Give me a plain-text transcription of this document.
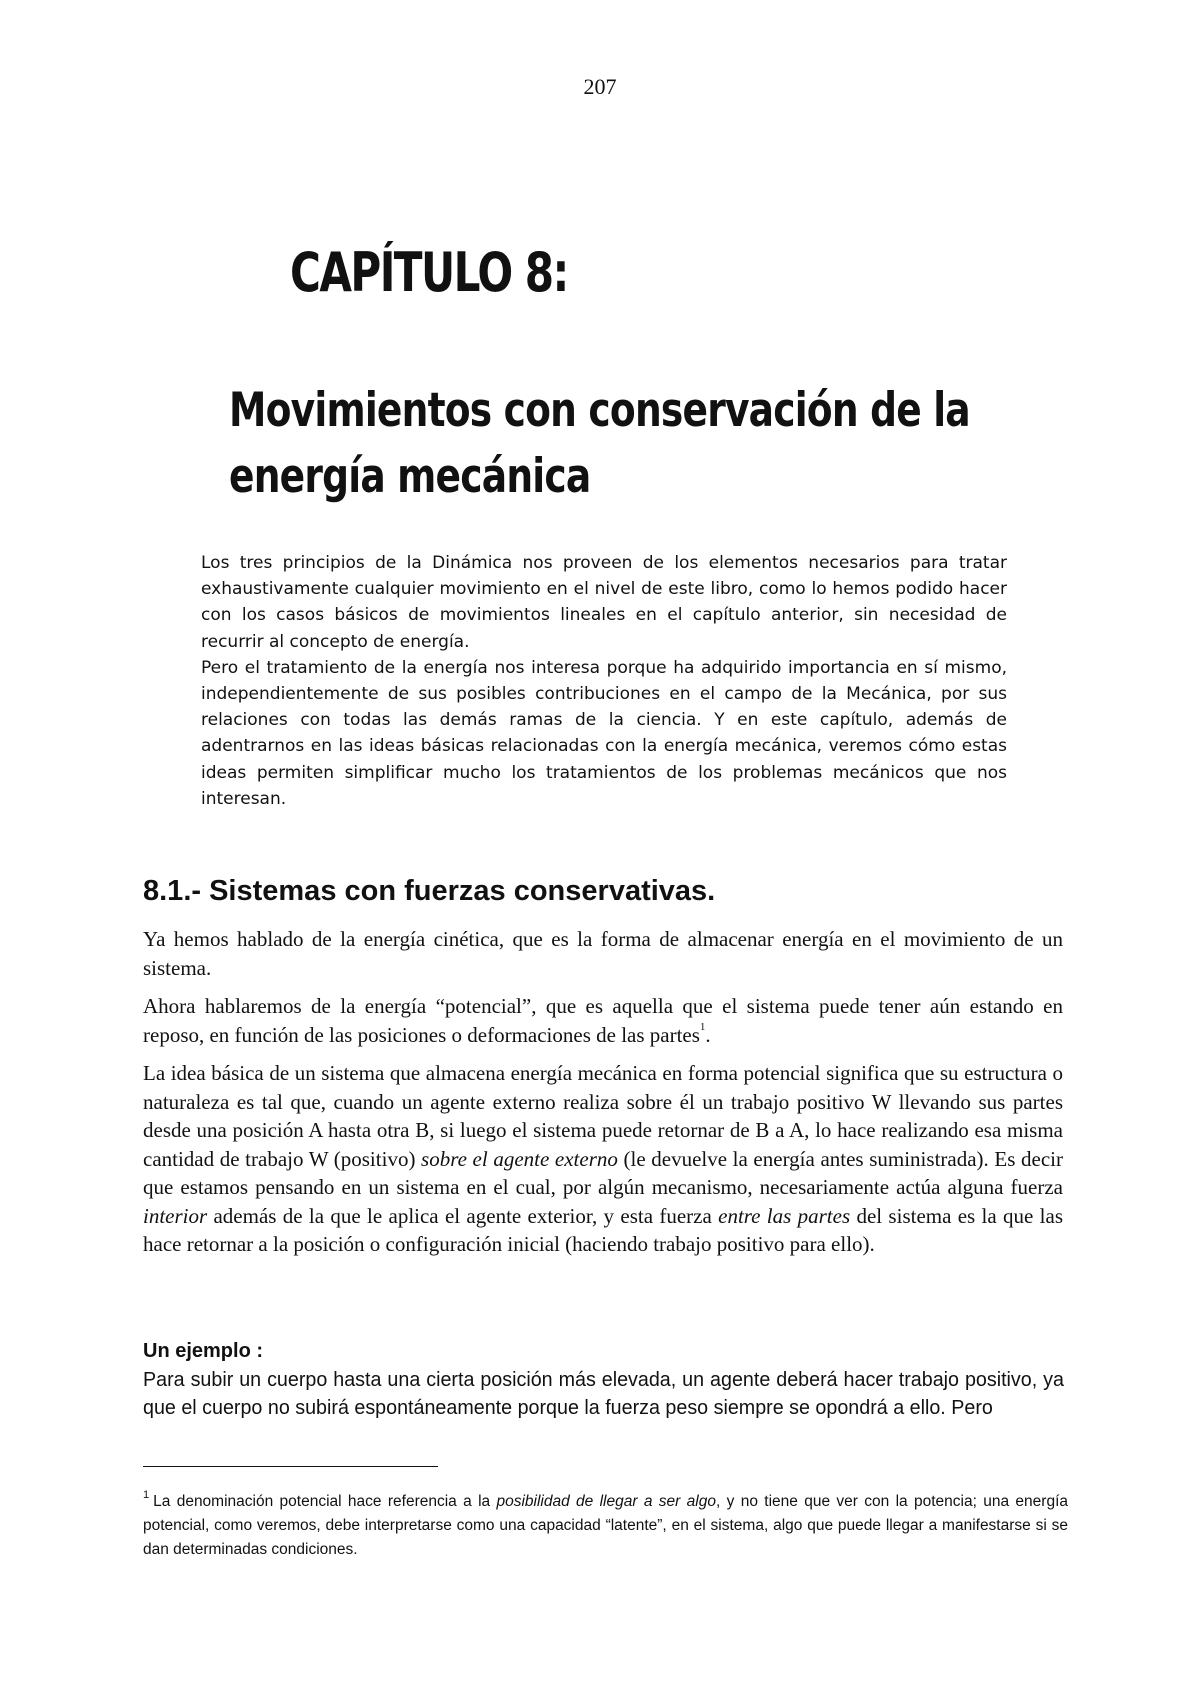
207
CAPÍTULO 8:
Movimientos con conservación de la
energía mecánica

Los tres principios de la Dinámica nos proveen de los elementos necesarios para tratar exhaustivamente cualquier movimiento en el nivel de este libro, como lo hemos podido hacer con los casos básicos de movimientos lineales en el capítulo anterior, sin necesidad de recurrir al concepto de energía.

Pero el tratamiento de la energía nos interesa porque ha adquirido importancia en sí mismo, independientemente de sus posibles contribuciones en el campo de la Mecánica, por sus relaciones con todas las demás ramas de la ciencia. Y en este capítulo, además de adentrarnos en las ideas básicas relacionadas con la energía mecánica, veremos cómo estas ideas permiten simplificar mucho los tratamientos de los problemas mecánicos que nos interesan.

8.1.- Sistemas con fuerzas conservativas.

Ya hemos hablado de la energía cinética, que es la forma de almacenar energía en el movimiento de un sistema.

Ahora hablaremos de la energía “potencial”, que es aquella que el sistema puede tener aún estando en reposo, en función de las posiciones o deformaciones de las partes$^1$.

La idea básica de un sistema que almacena energía mecánica en forma potencial significa que su estructura o naturaleza es tal que, cuando un agente externo realiza sobre él un trabajo positivo W llevando sus partes desde una posición A hasta otra B, si luego el sistema puede retornar de B a A, lo hace realizando esa misma cantidad de trabajo W (positivo) sobre el agente externo (le devuelve la energía antes suministrada). Es decir que estamos pensando en un sistema en el cual, por algún mecanismo, necesariamente actúa alguna fuerza interior además de la que le aplica el agente exterior, y esta fuerza entre las partes del sistema es la que las hace retornar a la posición o configuración inicial (haciendo trabajo positivo para ello).

Un ejemplo :

Para subir un cuerpo hasta una cierta posición más elevada, un agente deberá hacer trabajo positivo, ya que el cuerpo no subirá espontáneamente porque la fuerza peso siempre se opondrá a ello. Pero

$^1$ La denominación potencial hace referencia a la posibilidad de llegar a ser algo, y no tiene que ver con la potencia; una energía potencial, como veremos, debe interpretarse como una capacidad “latente”, en el sistema, algo que puede llegar a manifestarse si se dan determinadas condiciones.
